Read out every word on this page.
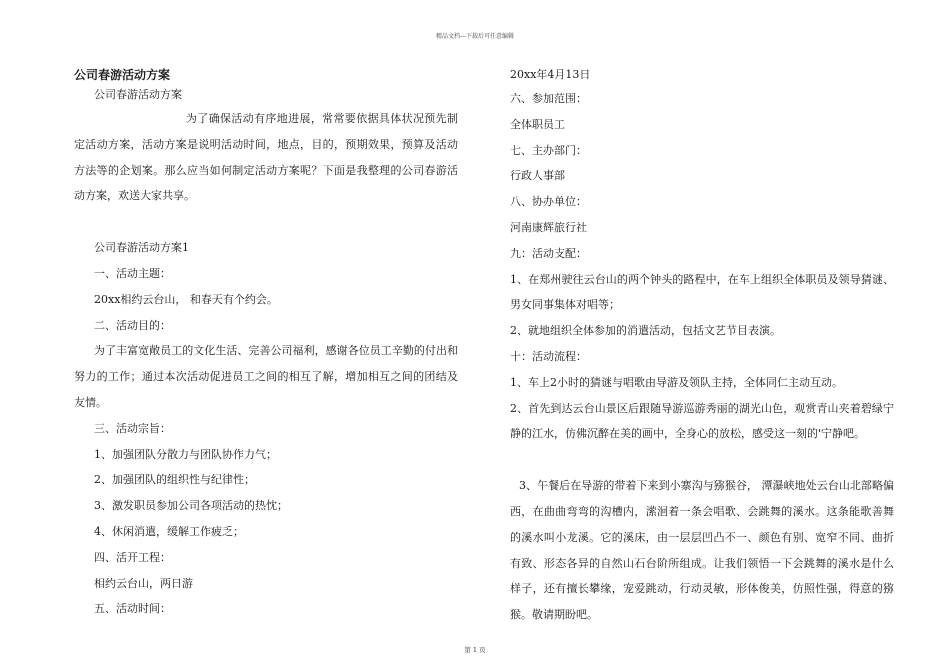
精品文档---下载后可任意编辑
公司春游活动方案

公司春游活动方案

为了确保活动有序地进展，常常要依据具体状况预先制定活动方案，活动方案是说明活动时间，地点，目的，预期效果，预算及活动方法等的企划案。那么应当如何制定活动方案呢？下面是我整理的公司春游活动方案，欢送大家共享。

公司春游活动方案1

一、活动主题：

20xx相约云台山， 和春天有个约会。

二、活动目的：

为了丰富宽敞员工的文化生活、完善公司福利，感谢各位员工辛勤的付出和努力的工作；通过本次活动促进员工之间的相互了解，增加相互之间的团结及友情。

三、活动宗旨：

1、加强团队分散力与团队协作力气；

2、加强团队的组织性与纪律性；

3、激发职员参加公司各项活动的热忱；

4、休闲消遣，缓解工作疲乏；

四、活开工程：

相约云台山，两日游

五、活动时间：

20xx年4月13日

六、参加范围：

全体职员工

七、主办部门：

行政人事部

八、协办单位：

河南康辉旅行社

九：活动支配：

1、在郑州驶往云台山的两个钟头的路程中，在车上组织全体职员及领导猜谜、男女同事集体对唱等；

2、就地组织全体参加的消遣活动，包括文艺节目表演。

十：活动流程：

1、车上2小时的猜谜与唱歌由导游及领队主持，全体同仁主动互动。

2、首先到达云台山景区后跟随导游巡游秀丽的湖光山色，观赏青山夹着碧绿宁静的江水，仿佛沉醉在美的画中，全身心的放松，感受这一刻的'宁静吧。

3、午餐后在导游的带着下来到小寨沟与猕猴谷， 潭瀑峡地处云台山北部略偏西，在曲曲弯弯的沟槽内，潆洄着一条会唱歌、会跳舞的溪水。这条能歌善舞的溪水叫小龙溪。它的溪床，由一层层凹凸不一、颜色有别、宽窄不同、曲折有致、形态各异的自然山石台阶所组成。让我们领悟一下会跳舞的溪水是什么样子，还有擅长攀缘，宠爱跳动，行动灵敏，形体俊美，仿照性强，得意的猕猴。敬请期盼吧。

第 1 页
